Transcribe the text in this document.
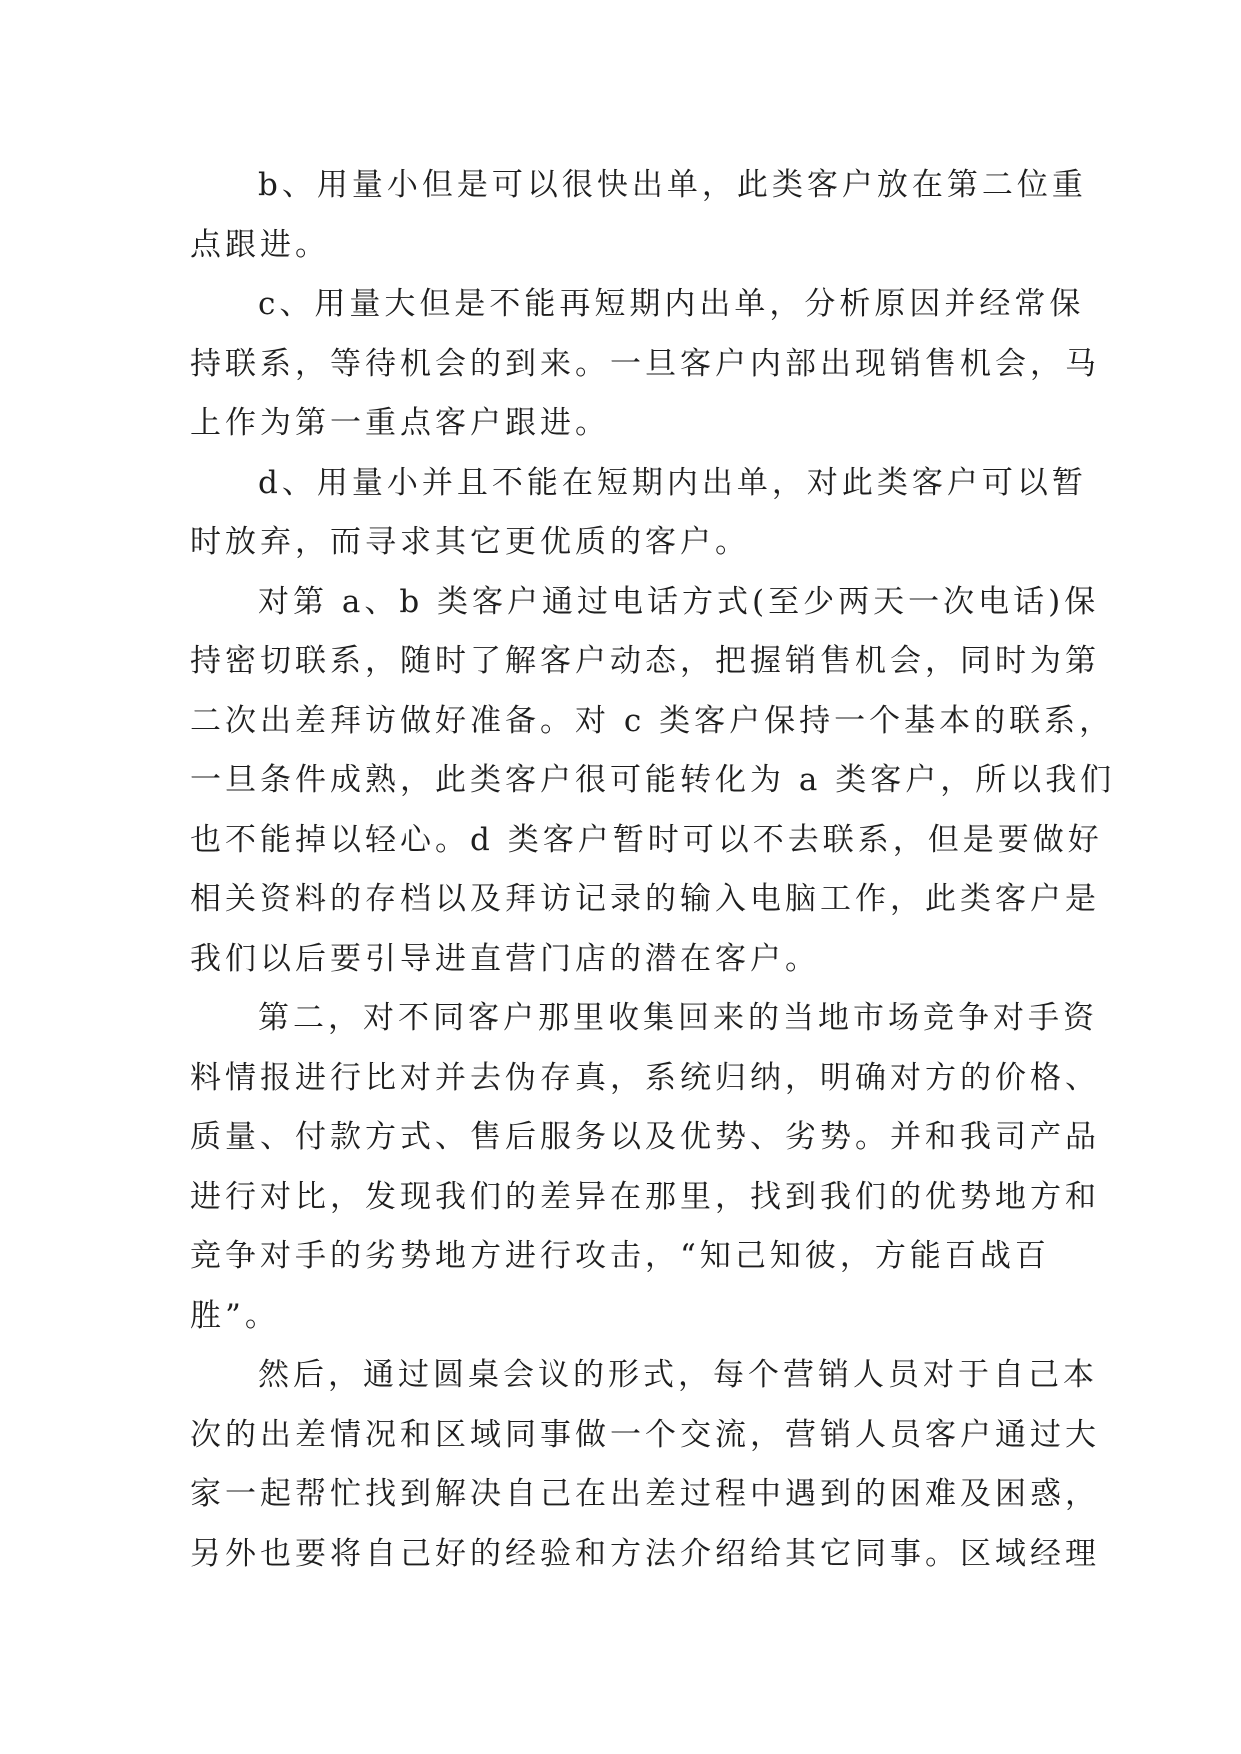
b、用量小但是可以很快出单，此类客户放在第二位重
点跟进。
c、用量大但是不能再短期内出单，分析原因并经常保
持联系，等待机会的到来。一旦客户内部出现销售机会，马
上作为第一重点客户跟进。
d、用量小并且不能在短期内出单，对此类客户可以暂
时放弃，而寻求其它更优质的客户。
对第 a、b 类客户通过电话方式(至少两天一次电话)保
持密切联系，随时了解客户动态，把握销售机会，同时为第
二次出差拜访做好准备。对 c 类客户保持一个基本的联系，
一旦条件成熟，此类客户很可能转化为 a 类客户，所以我们
也不能掉以轻心。d 类客户暂时可以不去联系，但是要做好
相关资料的存档以及拜访记录的输入电脑工作，此类客户是
我们以后要引导进直营门店的潜在客户。
第二，对不同客户那里收集回来的当地市场竞争对手资
料情报进行比对并去伪存真，系统归纳，明确对方的价格、
质量、付款方式、售后服务以及优势、劣势。并和我司产品
进行对比，发现我们的差异在那里，找到我们的优势地方和
竞争对手的劣势地方进行攻击，“知己知彼，方能百战百
胜”。
然后，通过圆桌会议的形式，每个营销人员对于自己本
次的出差情况和区域同事做一个交流，营销人员客户通过大
家一起帮忙找到解决自己在出差过程中遇到的困难及困惑，
另外也要将自己好的经验和方法介绍给其它同事。区域经理
